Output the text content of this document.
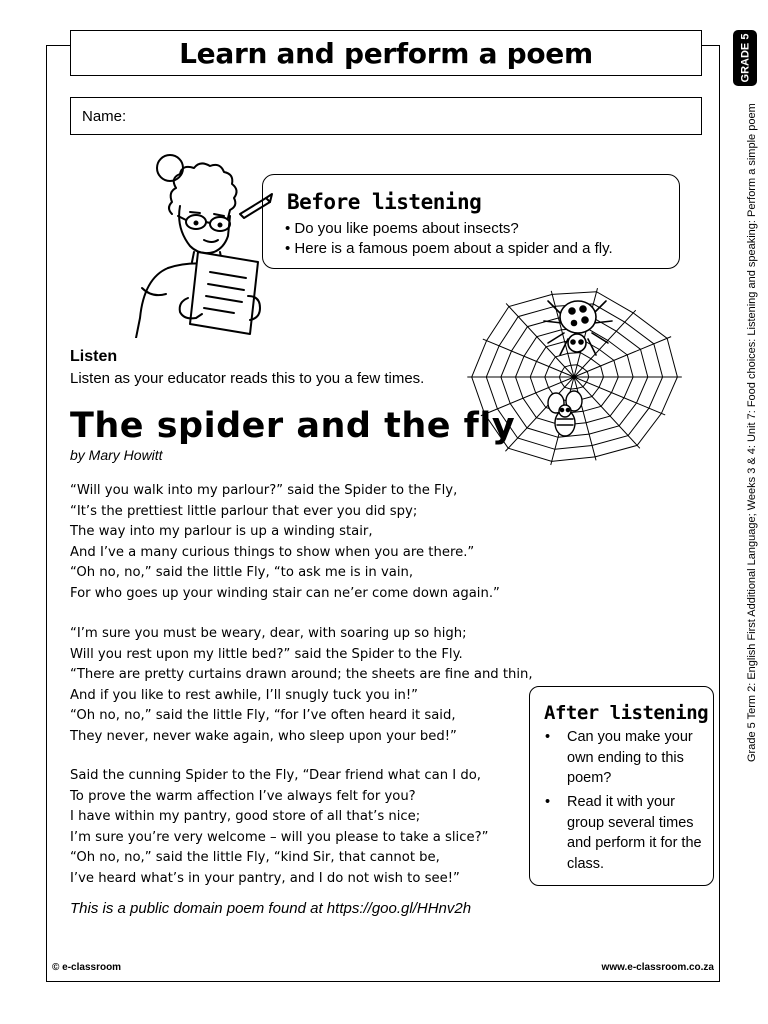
Learn and perform a poem
Name:
GRADE 5
Grade 5 Term 2: English First Additional Language; Weeks 3 & 4: Unit 7: Food choices: Listening and speaking: Perform a simple poem
Before listening
• Do you like poems about insects?
• Here is a famous poem about a spider and a fly.
Listen
Listen as your educator reads this to you a few times.
The spider and the fly
by Mary Howitt
“Will you walk into my parlour?” said the Spider to the Fly,
“It’s the prettiest little parlour that ever you did spy;
The way into my parlour is up a winding stair,
And I’ve a many curious things to show when you are there.”
“Oh no, no,” said the little Fly, “to ask me is in vain,
For who goes up your winding stair can ne’er come down again.”
“I’m sure you must be weary, dear, with soaring up so high;
Will you rest upon my little bed?” said the Spider to the Fly.
“There are pretty curtains drawn around; the sheets are fine and thin,
And if you like to rest awhile, I’ll snugly tuck you in!”
“Oh no, no,” said the little Fly, “for I’ve often heard it said,
They never, never wake again, who sleep upon your bed!”
Said the cunning Spider to the Fly, “Dear friend what can I do,
To prove the warm affection I’ve always felt for you?
I have within my pantry, good store of all that’s nice;
I’m sure you’re very welcome – will you please to take a slice?”
“Oh no, no,” said the little Fly, “kind Sir, that cannot be,
I’ve heard what’s in your pantry, and I do not wish to see!”
After listening
•	Can you make your own ending to this poem?
•	Read it with your group several times and perform it for the class.
This is a public domain poem found at https://goo.gl/HHnv2h
© e-classroom	www.e-classroom.co.za
